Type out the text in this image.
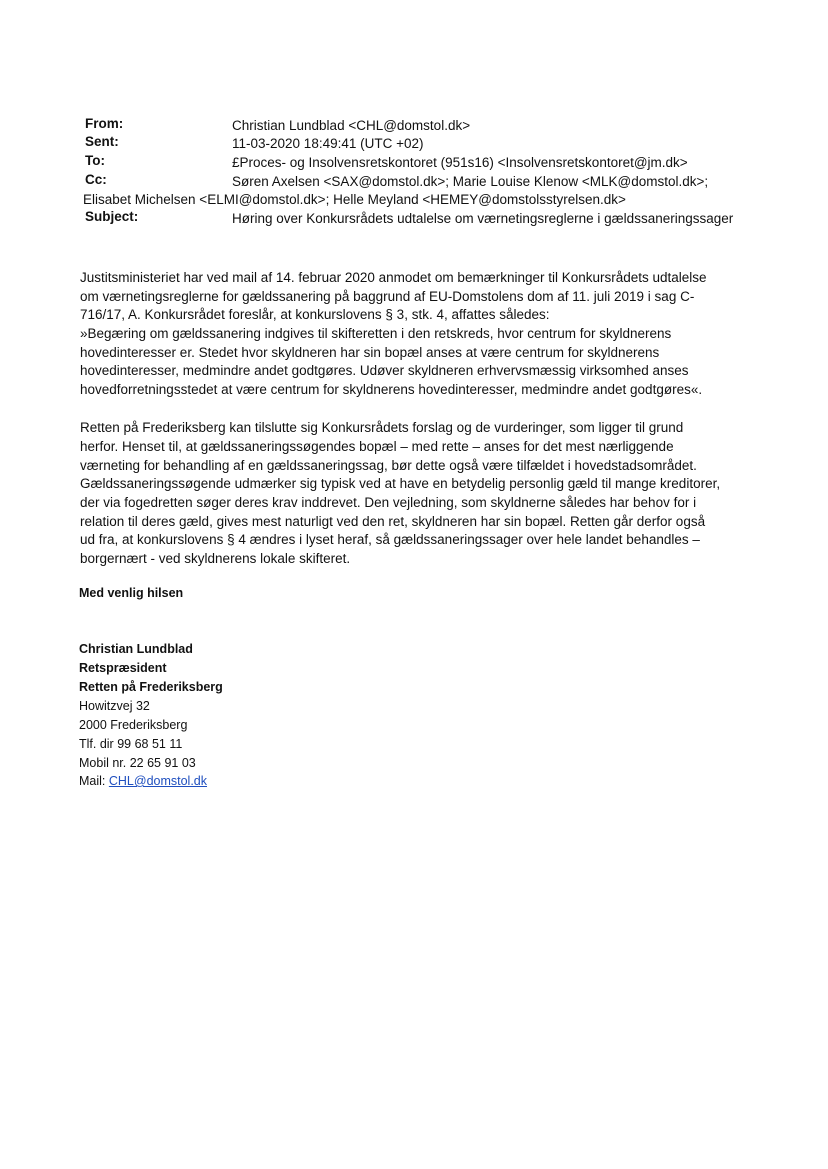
From:	Christian Lundblad <CHL@domstol.dk>
Sent:	11-03-2020 18:49:41 (UTC +02)
To:	£Proces- og Insolvensretskontoret (951s16) <Insolvensretskontoret@jm.dk>
Cc:	Søren Axelsen <SAX@domstol.dk>; Marie Louise Klenow <MLK@domstol.dk>;
Elisabet Michelsen <ELMI@domstol.dk>; Helle Meyland <HEMEY@domstolsstyrelsen.dk>
Subject:	Høring over Konkursrådets udtalelse om værnetingsreglerne i gældssaneringssager
Justitsministeriet har ved mail af 14. februar 2020 anmodet om bemærkninger til Konkursrådets udtalelse
om værnetingsreglerne for gældssanering på baggrund af EU-Domstolens dom af 11. juli 2019 i sag C-
716/17, A. Konkursrådet foreslår, at konkurslovens § 3, stk. 4, affattes således:
»Begæring om gældssanering indgives til skifteretten i den retskreds, hvor centrum for skyldnerens
hovedinteresser er. Stedet hvor skyldneren har sin bopæl anses at være centrum for skyldnerens
hovedinteresser, medmindre andet godtgøres. Udøver skyldneren erhvervsmæssig virksomhed anses
hovedforretningsstedet at være centrum for skyldnerens hovedinteresser, medmindre andet godtgøres«.
Retten på Frederiksberg kan tilslutte sig Konkursrådets forslag og de vurderinger, som ligger til grund
herfor. Henset til, at gældssaneringssøgendes bopæl – med rette – anses for det mest nærliggende
værneting for behandling af en gældssaneringssag, bør dette også være tilfældet i hovedstadsområdet.
Gældssaneringssøgende udmærker sig typisk ved at have en betydelig personlig gæld til mange kreditorer,
der via fogedretten søger deres krav inddrevet. Den vejledning, som skyldnerne således har behov for i
relation til deres gæld, gives mest naturligt ved den ret, skyldneren har sin bopæl. Retten går derfor også
ud fra, at konkurslovens § 4 ændres i lyset heraf, så gældssaneringssager over hele landet behandles –
borgernært - ved skyldnerens lokale skifteret.
Med venlig hilsen
Christian Lundblad
Retspræsident
Retten på Frederiksberg
Howitzvej 32
2000 Frederiksberg
Tlf. dir 99 68 51 11
Mobil nr. 22 65 91 03
Mail: CHL@domstol.dk
